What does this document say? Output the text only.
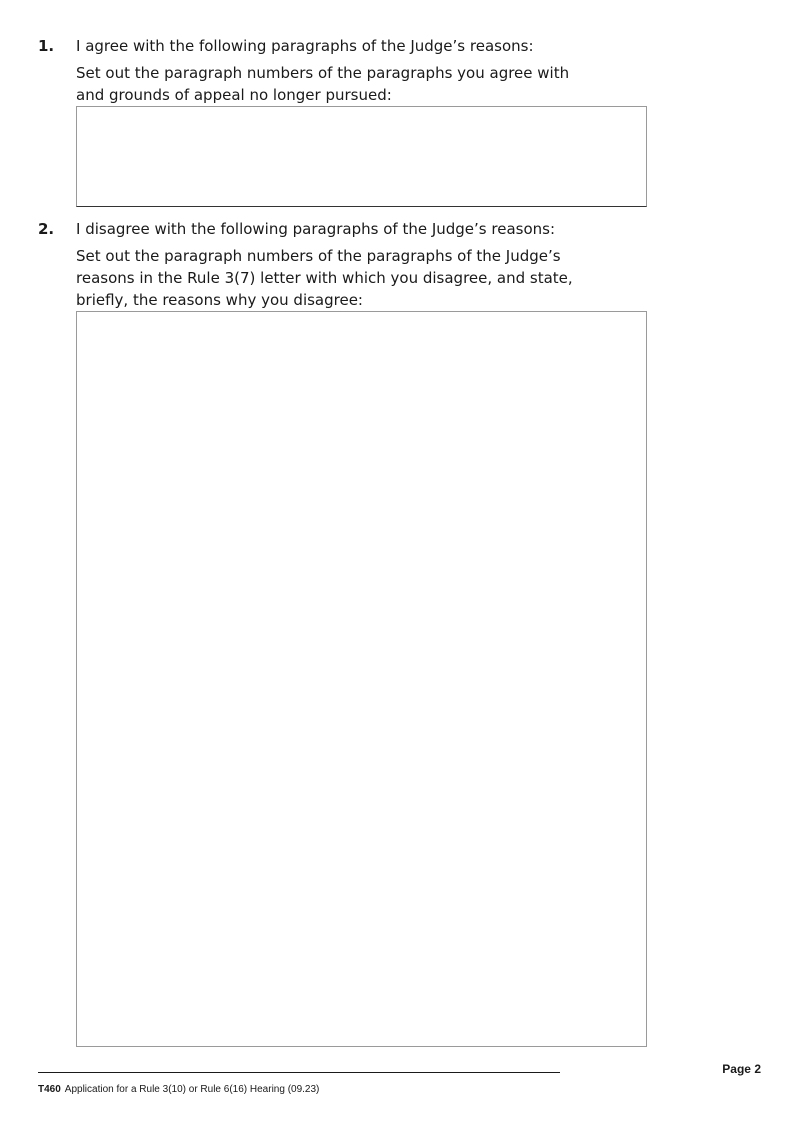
1. I agree with the following paragraphs of the Judge’s reasons:
Set out the paragraph numbers of the paragraphs you agree with
and grounds of appeal no longer pursued:
2. I disagree with the following paragraphs of the Judge’s reasons:
Set out the paragraph numbers of the paragraphs of the Judge’s
reasons in the Rule 3(7) letter with which you disagree, and state,
briefly, the reasons why you disagree:
Page 2
T460 Application for a Rule 3(10) or Rule 6(16) Hearing (09.23)
